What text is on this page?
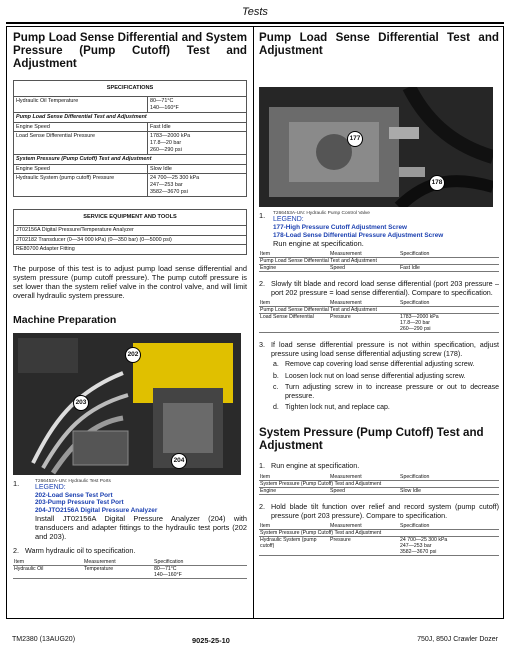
Tests
Pump Load Sense Differential and System Pressure (Pump Cutoff) Test and Adjustment
SPECIFICATIONS	
Hydraulic Oil Temperature	80—71°C
140—160°F

Pump Load Sense Differential Test and Adjustment	
Engine Speed	Fast Idle
Load Sense Differential Pressure	1783—2000 kPa
17.8—20 bar
260—290 psi

System Pressure (Pump Cutoff) Test and Adjustment	
Engine Speed	Slow Idle
Hydraulic System (pump cutoff) Pressure	24 700—25 300 kPa
247—253 bar
3582—3670 psi
SERVICE EQUIPMENT AND TOOLS
JT02156A Digital Pressure/Temperature Analyzer
JT02182 Transducer (0—34 000 kPa) (0—350 bar) (0—5000 psi)
RE80700 Adapter Fitting

The purpose of this test is to adjust pump load sense differential and system pressure (pump cutoff pressure). The pump cutoff pressure is set lower than the system relief valve in the control valve, and will limit overall hydraulic system pressure.

Machine Preparation
202
203
204
1.	T266452A-UN: Hydraulic Test Ports
LEGEND:
202-Load Sense Test Port
203-Pump Pressure Test Port
204-JTO2156A Digital Pressure Analyzer

Install JT02156A Digital Pressure Analyzer (204) with transducers and adapter fittings to the hydraulic test ports (202 and 203).

2. Warm hydraulic oil to specification.
Item	Measurement	Specification
Hydraulic Oil	Temperature	80—71°C
140—160°F
Pump Load Sense Differential Test and Adjustment
177
178
1. T266453A-UN: Hydraulic Pump Control Valve
LEGEND:
177-High Pressure Cutoff Adjustment Screw
178-Load Sense Differential Pressure Adjustment Screw

Run engine at specification.

Item	Measurement	Specification
Pump Load Sense Differential Test and Adjustment		
Engine	Speed	Fast Idle
2. Slowly tilt blade and record load sense differential (port 203 pressure – port 202 pressure = load sense differential). Compare to specification.
Item	Measurement	Specification
Pump Load Sense Differential Test and Adjustment		
Load Sense Differential	Pressure	1783—2000 kPa
17.8—20 bar
260—290 psi
3. If load sense differential pressure is not within specification, adjust pressure using load sense differential adjusting screw (178).
a. Remove cap covering load sense differential adjusting screw.
b. Loosen lock nut on load sense differential adjusting screw.
c. Turn adjusting screw in to increase pressure or out to decrease pressure.
d. Tighten lock nut, and replace cap.
System Pressure (Pump Cutoff) Test and Adjustment
1. Run engine at specification.
Item	Measurement	Specification
System Pressure (Pump Cutoff) Test and Adjustment		
Engine	Speed	Slow Idle
2. Hold blade tilt function over relief and record system (pump cutoff) pressure (port 203 pressure). Compare to specification.
Item	Measurement	Specification
System Pressure (Pump Cutoff) Test and Adjustment		
Hydraulic System (pump cutoff)	Pressure	24 700—25 300 kPa
247—253 bar
3582—3670 psi
TM2380 (13AUG20)	9025-25-10	750J, 850J Crawler Dozer
